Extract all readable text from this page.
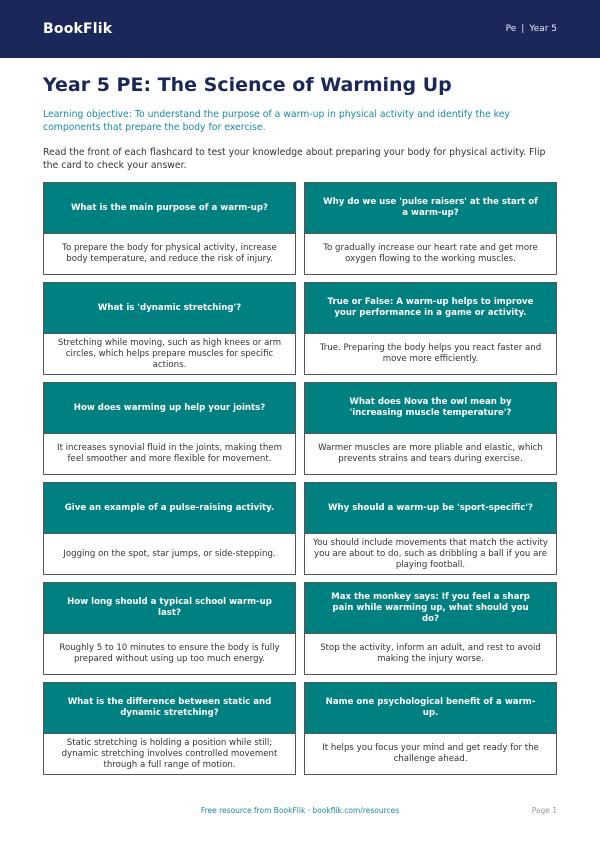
BookFlik	Pe | Year 5
Year 5 PE: The Science of Warming Up

Learning objective: To understand the purpose of a warm-up in physical activity and identify the key components that prepare the body for exercise.

Read the front of each flashcard to test your knowledge about preparing your body for physical activity. Flip the card to check your answer.

What is the main purpose of a warm-up?
To prepare the body for physical activity, increase body temperature, and reduce the risk of injury.
Why do we use 'pulse raisers' at the start of a warm-up?
To gradually increase our heart rate and get more oxygen flowing to the working muscles.
What is 'dynamic stretching'?
Stretching while moving, such as high knees or arm circles, which helps prepare muscles for specific actions.
True or False: A warm-up helps to improve your performance in a game or activity.
True. Preparing the body helps you react faster and move more efficiently.
How does warming up help your joints?
It increases synovial fluid in the joints, making them feel smoother and more flexible for movement.
What does Nova the owl mean by 'increasing muscle temperature'?
Warmer muscles are more pliable and elastic, which prevents strains and tears during exercise.
Give an example of a pulse-raising activity.
Jogging on the spot, star jumps, or side-stepping.
Why should a warm-up be 'sport-specific'?
You should include movements that match the activity you are about to do, such as dribbling a ball if you are playing football.
How long should a typical school warm-up last?
Roughly 5 to 10 minutes to ensure the body is fully prepared without using up too much energy.
Max the monkey says: If you feel a sharp pain while warming up, what should you do?
Stop the activity, inform an adult, and rest to avoid making the injury worse.
What is the difference between static and dynamic stretching?
Static stretching is holding a position while still; dynamic stretching involves controlled movement through a full range of motion.
Name one psychological benefit of a warm-up.
It helps you focus your mind and get ready for the challenge ahead.
Free resource from BookFlik · bookflik.com/resources	Page 1
